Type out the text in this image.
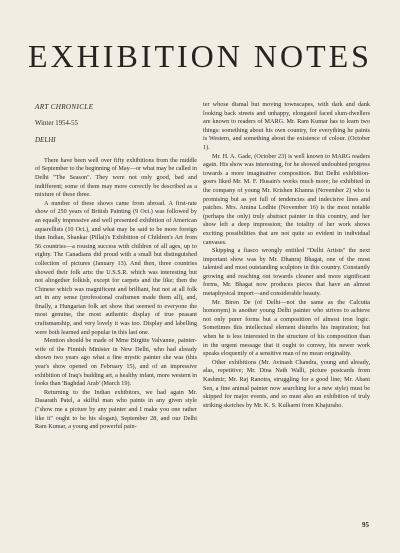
EXHIBITION NOTES
ART CHRONICLE
Winter 1954-55
DELHI

There have been well over fifty exhibitions from the middle of September to the beginning of May—or what may be called in Delhi "The Season". They were not only good, bad and indifferent; some of them may more correctly be described as a mixture of these three.

A number of these shows came from abroad. A first-rate show of 250 years of British Painting (9 Oct.) was followed by an equally impressive and well presented exhibition of American aquarellists (10 Oct.), and what may be said to be more foreign than Indian, Shankar (Pillai)'s Exhibition of Children's Art from 56 countries—a rousing success with children of all ages, up to eighty. The Canadians did proud with a small but distinguished collection of pictures (January 13). And then, three countries showed their folk arts: the U.S.S.R. which was interesting but not altogether folkish, except for carpets and the like; then the Chinese which was magnificent and brilliant, but not at all folk art in any sense (professional craftsmen made them all), and, finally, a Hungarian folk art show that seemed to everyone the most genuine, the most authentic display of true peasant craftsmanship, and very lovely it was too. Display and labelling were both learned and popular in this last one.

Mention should be made of Mme Birgitte Valvanne, painter-wife of the Finnish Minister in New Delhi, who had already shown two years ago what a fine mystic painter she was (this year's show opened on February 15), and of an impressive exhibition of Iraq's budding art, a healthy infant, more western in looks than 'Baghdad Arab' (March 19).

Returning to the Indian exhibitors, we had again Mr. Dasarath Patel, a skilful man who paints in any given style ("show me a picture by any painter and I make you one rather like it" ought to be his slogan), September 28, and our Delhi Ram Kumar, a young and powerful pain-

ter whose dismal but moving townscapes, with dark and dank looking back streets and unhappy, elongated faced slum-dwellers are known to readers of MARG. Mr. Ram Kumar has to learn two things: something about his own country, for everything he paints is Western, and something about the existence of colour. (October 1).

Mr. H. A. Gade, (October 23) is well known to MARG readers again. His show was interesting, for he showed undoubted progress towards a more imaginative composition. But Delhi exhibition-goers liked Mr. M. F. Husain's works much more; he exhibited in the company of young Mr. Krishen Khanna (November 2) who is promising but as yet full of tendencies and indecisive lines and patches. Mrs. Amina Lodhie (November 16) is the most notable (perhaps the only) truly abstract painter in this country, and her show left a deep impression; the totality of her work shows exciting possibilities that are not quite so evident in individual canvases.

Skipping a fiasco wrongly entitled "Delhi Artists" the next important show was by Mr. Dhanraj Bhagat, one of the most talented and most outstanding sculptors in this country. Constantly growing and reaching out towards cleaner and more significant forms, Mr. Bhagat now produces pieces that have an almost metaphysical import—and considerable beauty.

Mr. Biren De (of Delhi—not the same as the Calcutta homonym) is another young Delhi painter who strives to achieve not only purer forms but a composition of almost iron logic. Sometimes this intellectual element disturbs his inspiration; but when he is less interested in the structure of his composition than in the urgent message that it ought to convey, his newer work speaks eloquently of a sensitive man of no mean originality.

Other exhibitions (Mr. Avinash Chandra, young and already, alas, repetitive; Mr. Dina Nath Walli, picture postcards from Kashmir; Mr. Raj Ranotra, struggling for a good line; Mr. Abani Sen, a fine animal painter now searching for a new style) must be skipped for major events, and so must also an exhibition of truly striking sketches by Mr. K. S. Kulkarni from Khajuraho.

95
